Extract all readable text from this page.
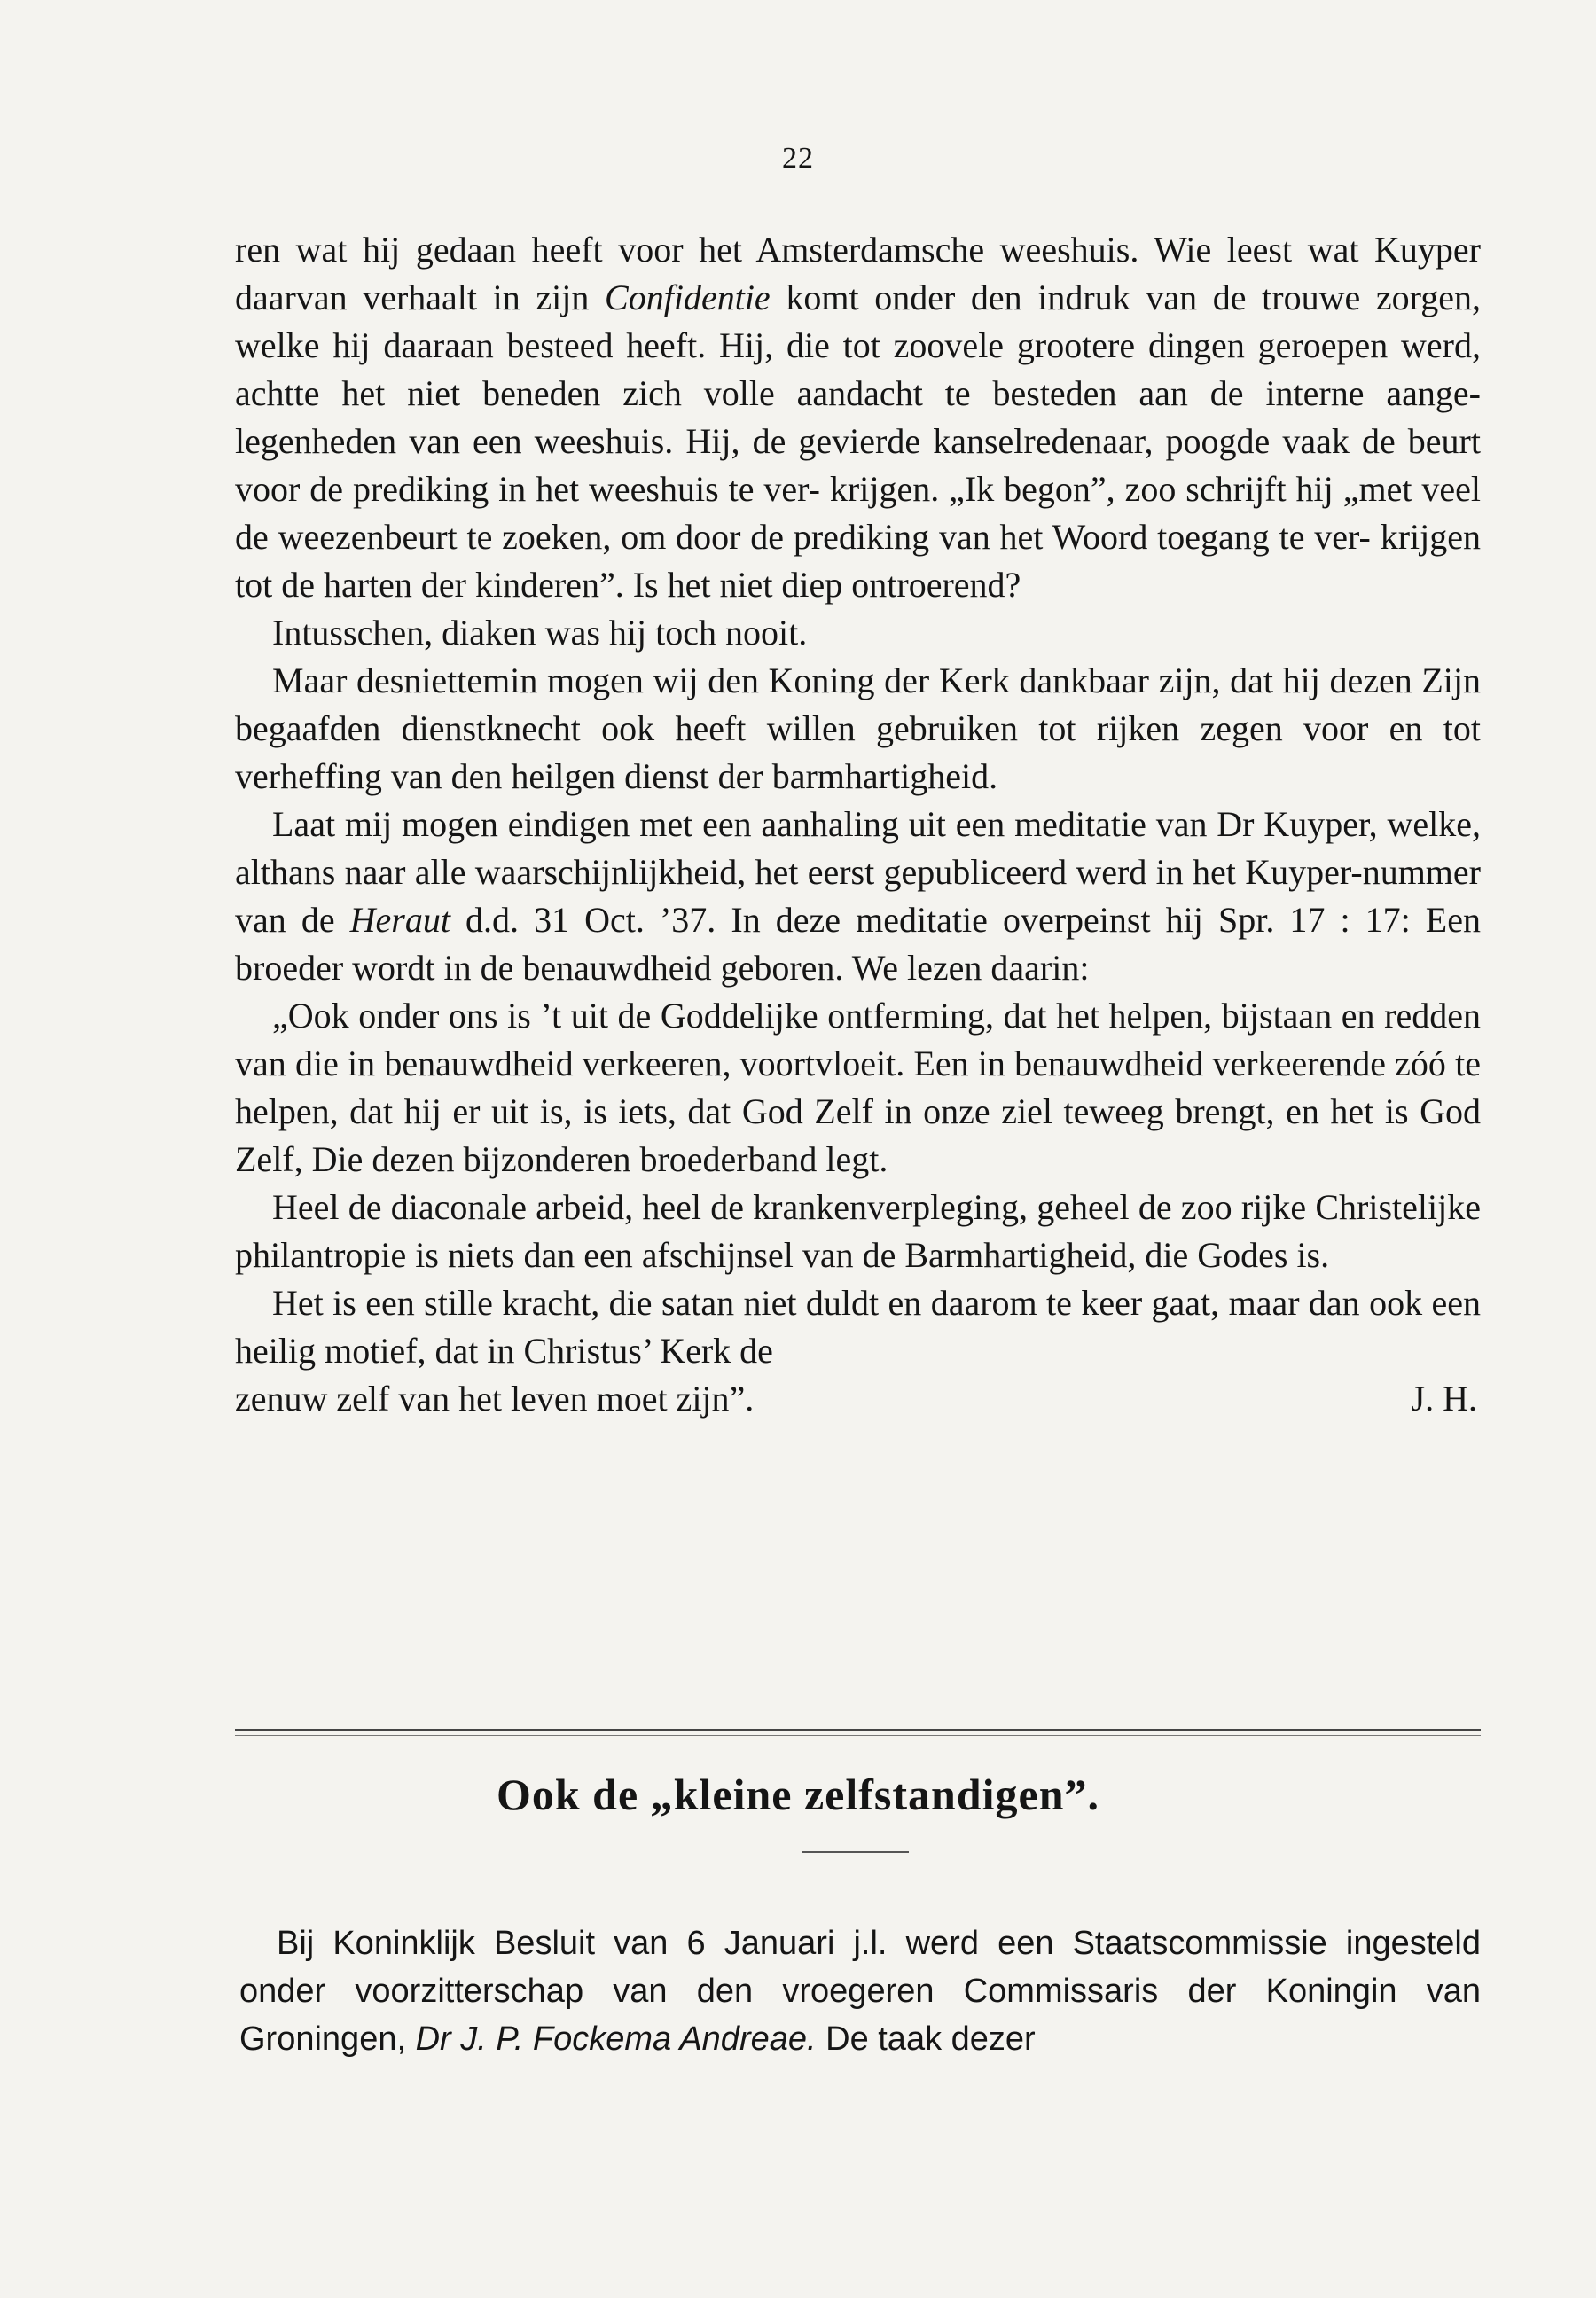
22

ren wat hij gedaan heeft voor het Amsterdamsche weeshuis. Wie leest wat Kuyper daarvan verhaalt in zijn Confidentie komt onder den indruk van de trouwe zorgen, welke hij daaraan besteed heeft. Hij, die tot zoovele grootere dingen geroepen werd, achtte het niet beneden zich volle aandacht te besteden aan de interne aange- legenheden van een weeshuis. Hij, de gevierde kanselredenaar, poogde vaak de beurt voor de prediking in het weeshuis te ver- krijgen. „Ik begon”, zoo schrijft hij „met veel de weezenbeurt te zoeken, om door de prediking van het Woord toegang te ver- krijgen tot de harten der kinderen”. Is het niet diep ontroerend?

Intusschen, diaken was hij toch nooit.

Maar desniettemin mogen wij den Koning der Kerk dankbaar zijn, dat hij dezen Zijn begaafden dienstknecht ook heeft willen gebruiken tot rijken zegen voor en tot verheffing van den heilgen dienst der barmhartigheid.

Laat mij mogen eindigen met een aanhaling uit een meditatie van Dr Kuyper, welke, althans naar alle waarschijnlijkheid, het eerst gepubliceerd werd in het Kuyper-nummer van de Heraut d.d. 31 Oct. ’37. In deze meditatie overpeinst hij Spr. 17 : 17: Een broeder wordt in de benauwdheid geboren. We lezen daarin:

„Ook onder ons is ’t uit de Goddelijke ontferming, dat het helpen, bijstaan en redden van die in benauwdheid verkeeren, voortvloeit. Een in benauwdheid verkeerende zóó te helpen, dat hij er uit is, is iets, dat God Zelf in onze ziel teweeg brengt, en het is God Zelf, Die dezen bijzonderen broederband legt.

Heel de diaconale arbeid, heel de krankenverpleging, geheel de zoo rijke Christelijke philantropie is niets dan een afschijnsel van de Barmhartigheid, die Godes is.

Het is een stille kracht, die satan niet duldt en daarom te keer gaat, maar dan ook een heilig motief, dat in Christus’ Kerk de

zenuw zelf van het leven moet zijn”.	J. H.
Ook de „kleine zelfstandigen”.

Bij Koninklijk Besluit van 6 Januari j.l. werd een Staatscommissie ingesteld onder voorzitterschap van den vroegeren Commissaris der Koningin van Groningen, Dr J. P. Fockema Andreae. De taak dezer
